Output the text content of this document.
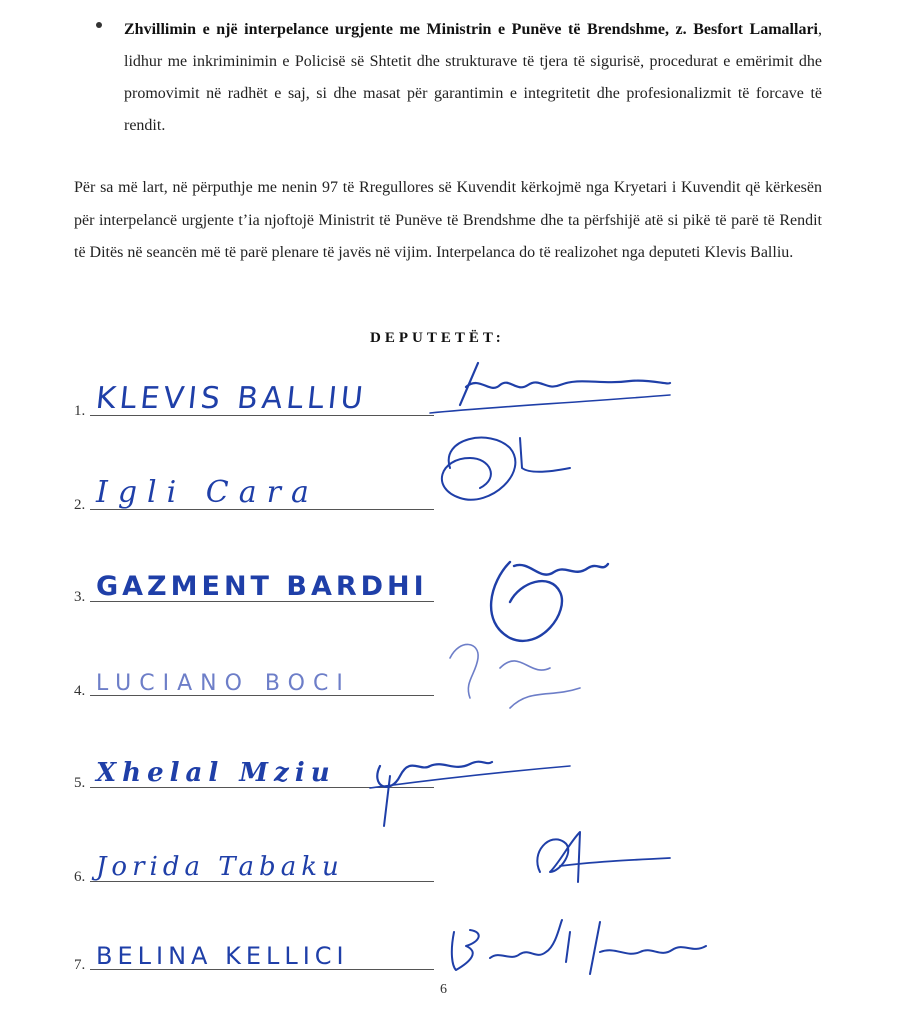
Zhvillimin e një interpelance urgjente me Ministrin e Punëve të Brendshme, z. Besfort Lamallari, lidhur me inkriminimin e Policisë së Shtetit dhe strukturave të tjera të sigurisë, procedurat e emërimit dhe promovimit në radhët e saj, si dhe masat për garantimin e integritetit dhe profesionalizmit të forcave të rendit.
Për sa më lart, në përputhje me nenin 97 të Rregullores së Kuvendit kërkojmë nga Kryetari i Kuvendit që kërkesën për interpelancë urgjente t’ia njoftojë Ministrit të Punëve të Brendshme dhe ta përfshijë atë si pikë të parë të Rendit të Ditës në seancën më të parë plenare të javës në vijim. Interpelanca do të realizohet nga deputeti Klevis Balliu.
DEPUTETËT:
1. KLEVIS BALLIU
2. Igli Cara
3. GAZMENT BARDHI
4. LUCIANO BOCI
5. Xhelal Mziu
6. Jorida Tabaku
7. BELINA KELLICI
6
